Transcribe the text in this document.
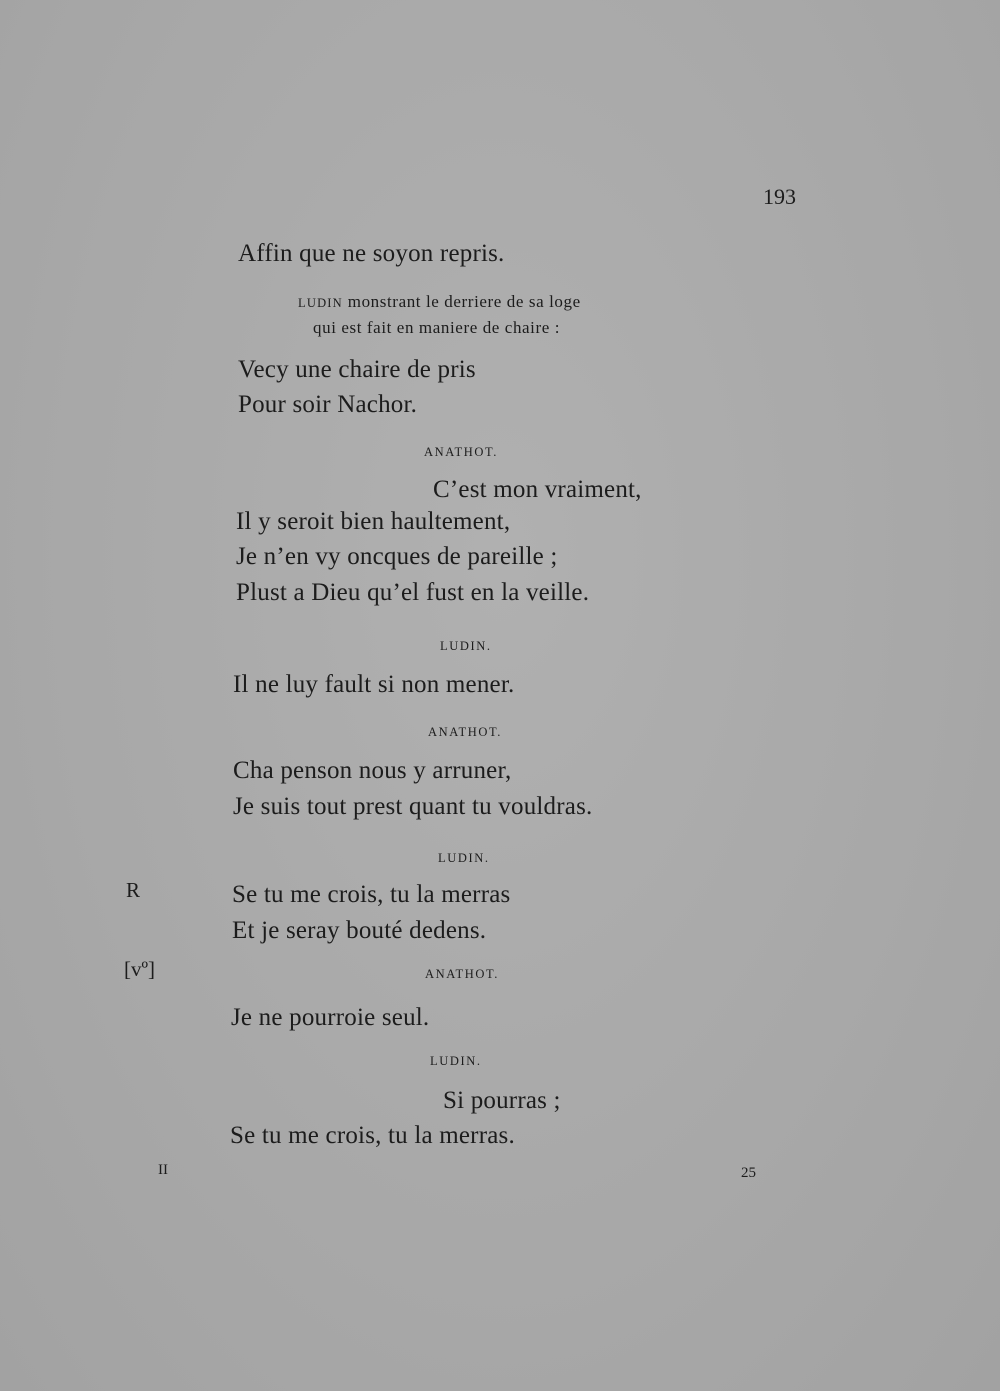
193
Affin que ne soyon repris.
LUDIN monstrant le derriere de sa loge
qui est fait en maniere de chaire :
Vecy une chaire de pris
Pour soir Nachor.
ANATHOT.
C’est mon vraiment,
Il y seroit bien haultement,
Je n’en vy oncques de pareille ;
Plust a Dieu qu’el fust en la veille.
LUDIN.
Il ne luy fault si non mener.
ANATHOT.
Cha penson nous y arruner,
Je suis tout prest quant tu vouldras.
LUDIN.
R	Se tu me crois, tu la merras
Et je seray bouté dedens.
[vº]	ANATHOT.
Je ne pourroie seul.
LUDIN.
Si pourras ;
Se tu me crois, tu la merras.
II	25
